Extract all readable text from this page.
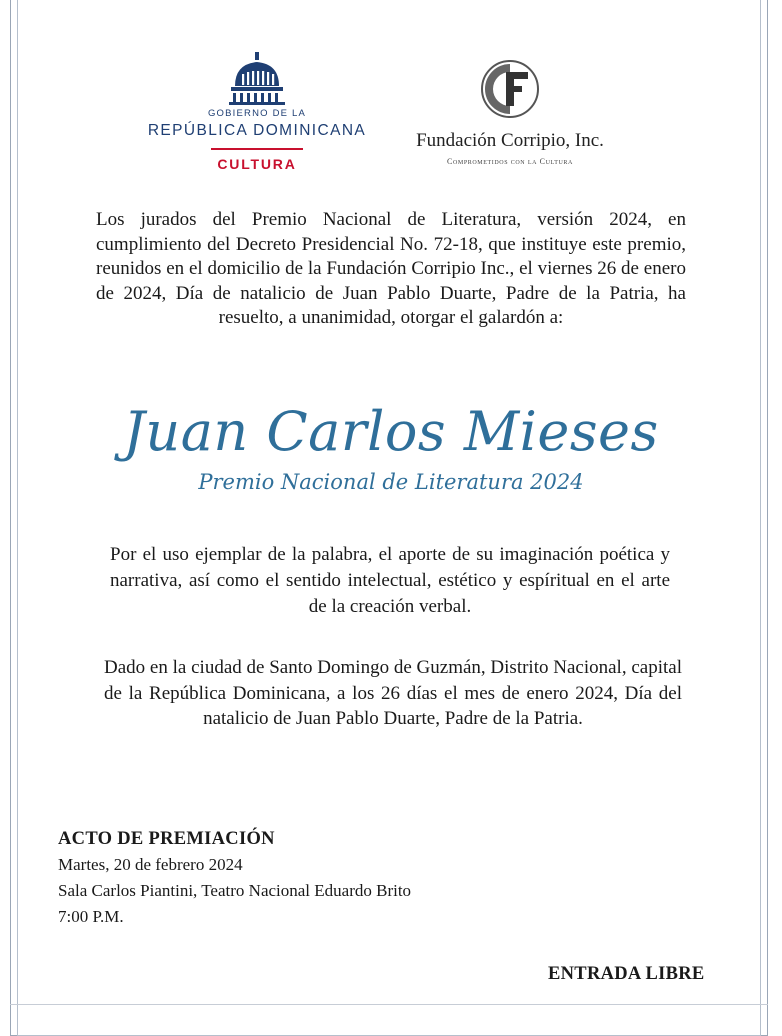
GOBIERNO DE LA
REPÚBLICA DOMINICANA
CULTURA
Fundación Corripio, Inc.
Comprometidos con la Cultura
Los jurados del Premio Nacional de Literatura, versión 2024, en cumplimiento del Decreto Presidencial No. 72-18, que instituye este premio, reunidos en el domicilio de la Fundación Corripio Inc., el viernes 26 de enero de 2024, Día de natalicio de Juan Pablo Duarte, Padre de la Patria, ha resuelto, a unanimidad, otorgar el galardón a:
Juan Carlos Mieses
Premio Nacional de Literatura 2024
Por el uso ejemplar de la palabra, el aporte de su imaginación poética y narrativa, así como el sentido intelectual, estético y espíritual en el arte de la creación verbal.
Dado en la ciudad de Santo Domingo de Guzmán, Distrito Nacional, capital de la República Dominicana, a los 26 días el mes de enero 2024, Día del natalicio de Juan Pablo Duarte, Padre de la Patria.
ACTO DE PREMIACIÓN
Martes, 20 de febrero 2024
Sala Carlos Piantini, Teatro Nacional Eduardo Brito
7:00 P.M.
ENTRADA LIBRE
